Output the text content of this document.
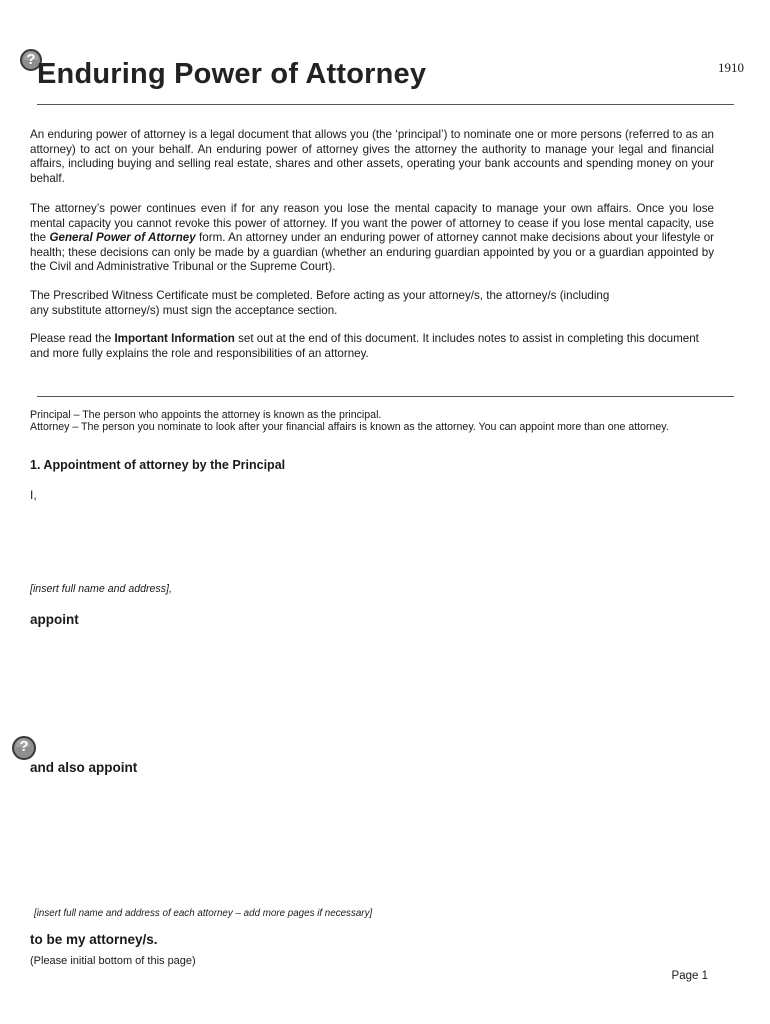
? Enduring Power of Attorney	1910
An enduring power of attorney is a legal document that allows you (the ‘principal’) to nominate one or more persons (referred to as an attorney) to act on your behalf. An enduring power of attorney gives the attorney the authority to manage your legal and financial affairs, including buying and selling real estate, shares and other assets, operating your bank accounts and spending money on your behalf.
The attorney’s power continues even if for any reason you lose the mental capacity to manage your own affairs. Once you lose mental capacity you cannot revoke this power of attorney. If you want the power of attorney to cease if you lose mental capacity, use the General Power of Attorney form. An attorney under an enduring power of attorney cannot make decisions about your lifestyle or health; these decisions can only be made by a guardian (whether an enduring guardian appointed by you or a guardian appointed by the Civil and Administrative Tribunal or the Supreme Court).
The Prescribed Witness Certificate must be completed. Before acting as your attorney/s, the attorney/s (including
any substitute attorney/s) must sign the acceptance section.
Please read the Important Information set out at the end of this document. It includes notes to assist in completing this document and more fully explains the role and responsibilities of an attorney.
Principal – The person who appoints the attorney is known as the principal.
Attorney – The person you nominate to look after your financial affairs is known as the attorney. You can appoint more than one attorney.
1. Appointment of attorney by the Principal
I,
[insert full name and address],
appoint
?
and also appoint
[insert full name and address of each attorney – add more pages if necessary]
to be my attorney/s.
(Please initial bottom of this page)
Page 1
